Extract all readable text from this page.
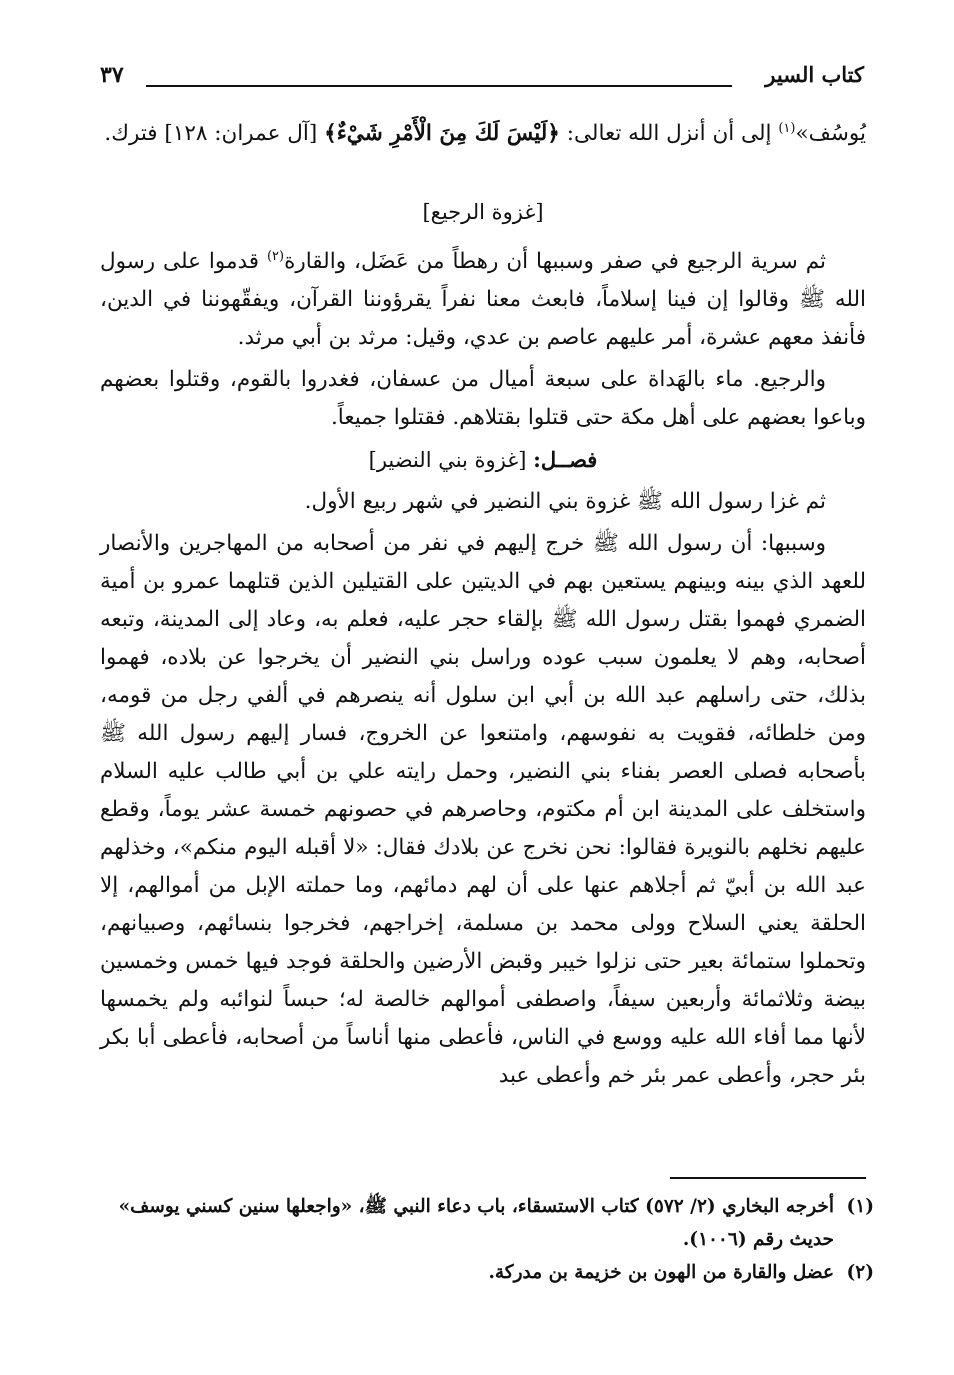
كتاب السير
٣٧

يُوسُف»$^{(١)}$ إلى أن أنزل الله تعالى: ﴿لَيْسَ لَكَ مِنَ الْأَمْرِ شَيْءٌ﴾ [آل عمران: ١٢٨] فترك.

[غزوة الرجيع]

ثم سرية الرجيع في صفر وسببها أن رهطاً من عَضَل، والقارة$^{(٢)}$ قدموا على رسول الله ﷺ وقالوا إن فينا إسلاماً، فابعث معنا نفراً يقرؤوننا القرآن، ويفقّهوننا في الدين، فأنفذ معهم عشرة، أمر عليهم عاصم بن عدي، وقيل: مرثد بن أبي مرثد.

والرجيع. ماء بالهَداة على سبعة أميال من عسفان، فغدروا بالقوم، وقتلوا بعضهم وباعوا بعضهم على أهل مكة حتى قتلوا بقتلاهم. فقتلوا جميعاً.

فصــل: [غزوة بني النضير]

ثم غزا رسول الله ﷺ غزوة بني النضير في شهر ربيع الأول.

وسببها: أن رسول الله ﷺ خرج إليهم في نفر من أصحابه من المهاجرين والأنصار للعهد الذي بينه وبينهم يستعين بهم في الديتين على القتيلين الذين قتلهما عمرو بن أمية الضمري فهموا بقتل رسول الله ﷺ بإلقاء حجر عليه، فعلم به، وعاد إلى المدينة، وتبعه أصحابه، وهم لا يعلمون سبب عوده وراسل بني النضير أن يخرجوا عن بلاده، فهموا بذلك، حتى راسلهم عبد الله بن أبي ابن سلول أنه ينصرهم في ألفي رجل من قومه، ومن خلطائه، فقويت به نفوسهم، وامتنعوا عن الخروج، فسار إليهم رسول الله ﷺ بأصحابه فصلى العصر بفناء بني النضير، وحمل رايته علي بن أبي طالب عليه السلام واستخلف على المدينة ابن أم مكتوم، وحاصرهم في حصونهم خمسة عشر يوماً، وقطع عليهم نخلهم بالنويرة فقالوا: نحن نخرج عن بلادك فقال: «لا أقبله اليوم منكم»، وخذلهم عبد الله بن أبيّ ثم أجلاهم عنها على أن لهم دمائهم، وما حملته الإبل من أموالهم، إلا الحلقة يعني السلاح وولى محمد بن مسلمة، إخراجهم، فخرجوا بنسائهم، وصبيانهم، وتحملوا ستمائة بعير حتى نزلوا خيبر وقبض الأرضين والحلقة فوجد فيها خمس وخمسين بيضة وثلاثمائة وأربعين سيفاً، واصطفى أموالهم خالصة له؛ حبساً لنوائبه ولم يخمسها لأنها مما أفاء الله عليه ووسع في الناس، فأعطى منها أناساً من أصحابه، فأعطى أبا بكر بئر حجر، وأعطى عمر بئر خم وأعطى عبد

(١)
أخرجه البخاري (٢/ ٥٧٢) كتاب الاستسقاء، باب دعاء النبي ﷺ، «واجعلها سنين كسني يوسف» حديث رقم (١٠٠٦).

(٢)
عضل والقارة من الهون بن خزيمة بن مدركة.
